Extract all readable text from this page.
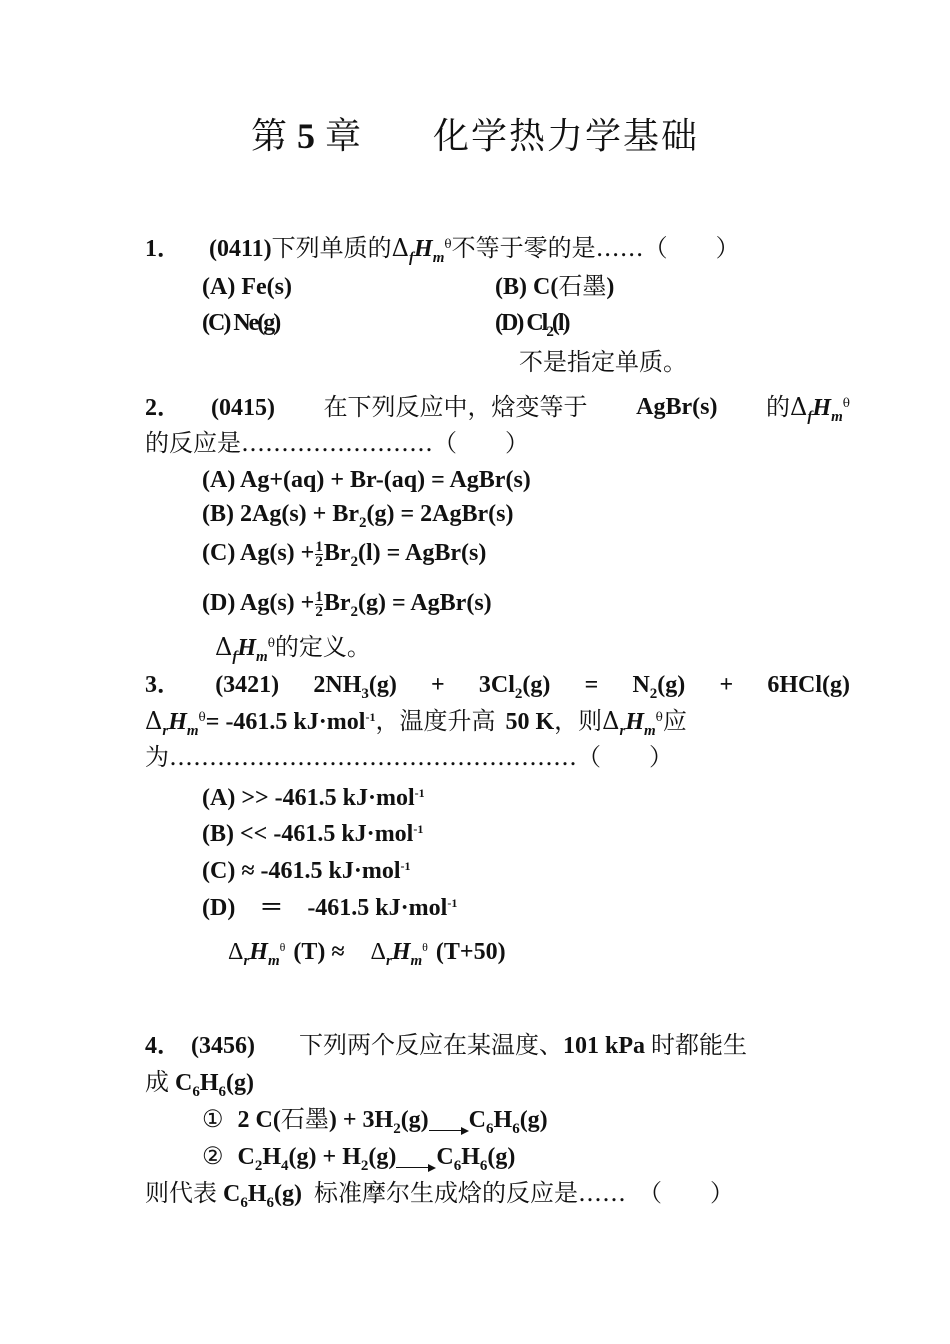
第 5 章 化学热力学基础
1． (0411)下列单质的$\Delta_fH_m^\theta$不等于零的是……（　　）
(A) Fe(s)	(B) C(石墨)
(C) Ne(g)	(D) $Cl_2(l)$
不是指定单质。
2． (0415) 在下列反应中，焓变等于 AgBr(s) 的$\Delta_fH_m^\theta$
的反应是……………………（　　）
(A) Ag+(aq) + Br-(aq) = AgBr(s)
(B) $2Ag(s) + Br_2(g)$ = 2AgBr(s)
(C) $Ag(s) + \frac{1}{2} Br_2(l)$ = AgBr(s)
(D) $Ag(s) + \frac{1}{2} Br_2(g)$ = AgBr(s)
$\Delta_fH_m^\theta$的定义。
3． (3421) $2NH_3(g) + 3Cl_2(g) = N_2(g) + 6HCl(g)$
$\Delta_rH_m^\theta= -461.5$ kJ·mol$^{-1}$，温度升高 50 K，则$\Delta_rH_m^\theta$应
为……………………………………………（　　）
(A) >> -461.5 kJ·mol$^{-1}$
(B) << -461.5 kJ·mol$^{-1}$
(C) ≈ -461.5 kJ·mol$^{-1}$
(D)　＝　-461.5 kJ·mol$^{-1}$
$\Delta_rH_m^\theta$ $(T) \approx \Delta_rH_m^\theta$ (T+50)
4． (3456) 下列两个反应在某温度、101 kPa 时都能生
成 $C_6H_6(g)$
① 2 C(石墨) + $3H_2(g)$ $C_6H_6(g)$
② $C_2H_4(g) + H_2(g)$ $C_6H_6(g)$
则代表 $C_6H_6(g)$ 标准摩尔生成焓的反应是……　（　　）
